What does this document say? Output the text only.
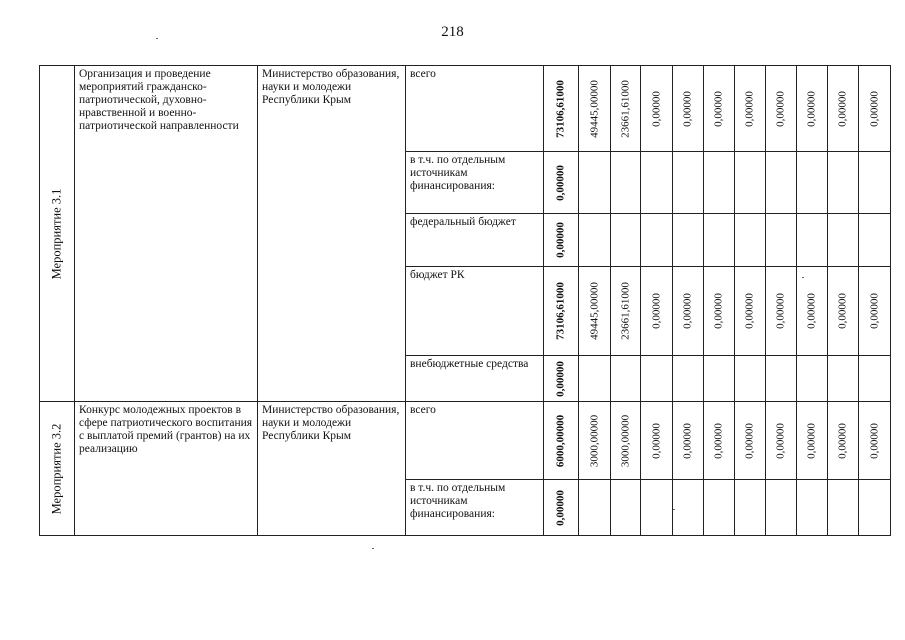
218
Мероприятие 3.1	Организация и проведение мероприятий гражданско-патриотической, духовно-нравственной и военно-патриотической направленности	Министерство образования, науки и молодежи Республики Крым	всего	73106,61000	49445,00000	23661,61000	0,00000	0,00000	0,00000	0,00000	0,00000	0,00000	0,00000	0,00000

			в т.ч. по отдельным источникам финансирования:	0,00000										

			федеральный бюджет	0,00000										

			бюджет РК	73106,61000	49445,00000	23661,61000	0,00000	0,00000	0,00000	0,00000	0,00000	0,00000	0,00000	0,00000

			внебюджетные средства	0,00000										

Мероприятие 3.2	Конкурс молодежных проектов в сфере патриотического воспитания с выплатой премий (грантов) на их реализацию	Министерство образования, науки и молодежи Республики Крым	всего	6000,00000	3000,00000	3000,00000	0,00000	0,00000	0,00000	0,00000	0,00000	0,00000	0,00000	0,00000

			в т.ч. по отдельным источникам финансирования:	0,00000										
